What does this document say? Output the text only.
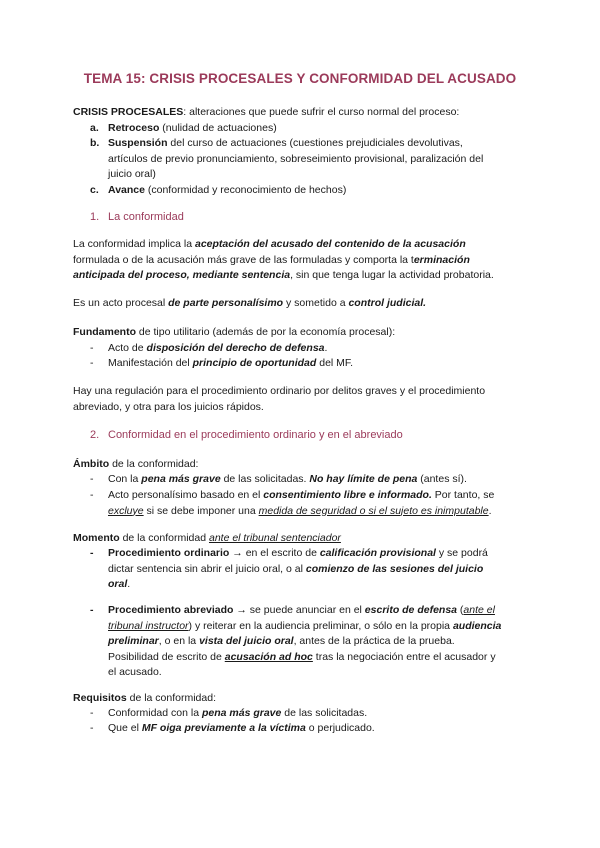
TEMA 15: CRISIS PROCESALES Y CONFORMIDAD DEL ACUSADO
CRISIS PROCESALES: alteraciones que puede sufrir el curso normal del proceso:
a. Retroceso (nulidad de actuaciones)
b. Suspensión del curso de actuaciones (cuestiones prejudiciales devolutivas,
artículos de previo pronunciamiento, sobreseimiento provisional, paralización del
juicio oral)
c. Avance (conformidad y reconocimiento de hechos)
1. La conformidad
La conformidad implica la aceptación del acusado del contenido de la acusación
formulada o de la acusación más grave de las formuladas y comporta la terminación
anticipada del proceso, mediante sentencia, sin que tenga lugar la actividad probatoria.
Es un acto procesal de parte personalísimo y sometido a control judicial.
Fundamento de tipo utilitario (además de por la economía procesal):
- Acto de disposición del derecho de defensa.
- Manifestación del principio de oportunidad del MF.
Hay una regulación para el procedimiento ordinario por delitos graves y el procedimiento
abreviado, y otra para los juicios rápidos.
2. Conformidad en el procedimiento ordinario y en el abreviado
Ámbito de la conformidad:
- Con la pena más grave de las solicitadas. No hay límite de pena (antes sí).
- Acto personalísimo basado en el consentimiento libre e informado. Por tanto, se
excluye si se debe imponer una medida de seguridad o si el sujeto es inimputable.
Momento de la conformidad ante el tribunal sentenciador
- Procedimiento ordinario → en el escrito de calificación provisional y se podrá
dictar sentencia sin abrir el juicio oral, o al comienzo de las sesiones del juicio
oral.
- Procedimiento abreviado → se puede anunciar en el escrito de defensa (ante el
tribunal instructor) y reiterar en la audiencia preliminar, o sólo en la propia audiencia
preliminar, o en la vista del juicio oral, antes de la práctica de la prueba.
Posibilidad de escrito de acusación ad hoc tras la negociación entre el acusador y
el acusado.
Requisitos de la conformidad:
- Conformidad con la pena más grave de las solicitadas.
- Que el MF oiga previamente a la víctima o perjudicado.
